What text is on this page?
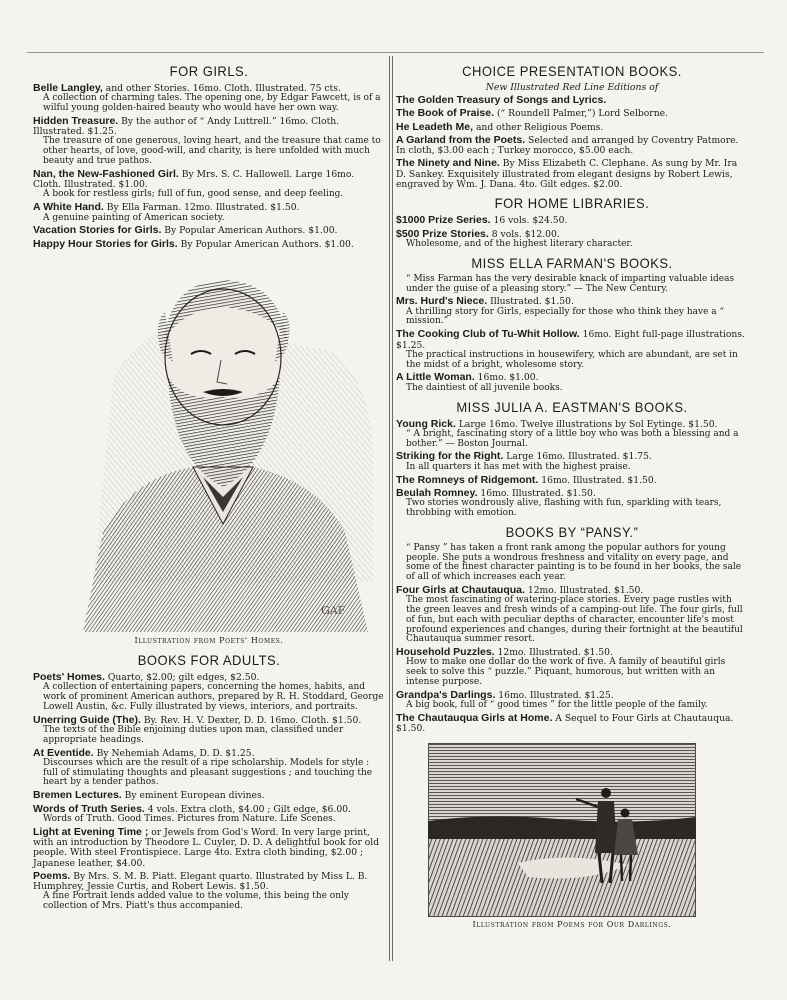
FOR GIRLS.
Belle Langley, and other Stories. 16mo. Cloth. Illustrated. 75 cts.
A collection of charming tales. The opening one, by Edgar Fawcett, is of a wilful young golden-haired beauty who would have her own way.
Hidden Treasure. By the author of “ Andy Luttrell.” 16mo. Cloth. Illustrated. $1.25.
The treasure of one generous, loving heart, and the treasure that came to other hearts, of love, good-will, and charity, is here unfolded with much beauty and true pathos.
Nan, the New-Fashioned Girl. By Mrs. S. C. Hallowell. Large 16mo. Cloth. Illustrated. $1.00.
A book for restless girls; full of fun, good sense, and deep feeling.
A White Hand. By Ella Farman. 12mo. Illustrated. $1.50.
A genuine painting of American society.
Vacation Stories for Girls. By Popular American Authors. $1.00.
Happy Hour Stories for Girls. By Popular American Authors. $1.00.
GAF
Illustration from Poets' Homes.
BOOKS FOR ADULTS.
Poets' Homes. Quarto, $2.00; gilt edges, $2.50.
A collection of entertaining papers, concerning the homes, habits, and work of prominent American authors, prepared by R. H. Stoddard, George Lowell Austin, &c. Fully illustrated by views, interiors, and portraits.
Unerring Guide (The). By. Rev. H. V. Dexter, D. D. 16mo. Cloth. $1.50.
The texts of the Bible enjoining duties upon man, classified under appropriate headings.
At Eventide. By Nehemiah Adams, D. D. $1.25.
Discourses which are the result of a ripe scholarship. Models for style : full of stimulating thoughts and pleasant suggestions ; and touching the heart by a tender pathos.
Bremen Lectures. By eminent European divines.
Words of Truth Series. 4 vols. Extra cloth, $4.00 ; Gilt edge, $6.00.
Words of Truth. Good Times. Pictures from Nature. Life Scenes.
Light at Evening Time ; or Jewels from God's Word. In very large print, with an introduction by Theodore L. Cuyler, D. D. A delightful book for old people. With steel Frontispiece. Large 4to. Extra cloth binding, $2.00 ; Japanese leather, $4.00.
Poems. By Mrs. S. M. B. Piatt. Elegant quarto. Illustrated by Miss L. B. Humphrey, Jessie Curtis, and Robert Lewis. $1.50.
A fine Portrait lends added value to the volume, this being the only collection of Mrs. Piatt's thus accompanied.
CHOICE PRESENTATION BOOKS.
New Illustrated Red Line Editions of
The Golden Treasury of Songs and Lyrics.
The Book of Praise. (“ Roundell Palmer,”) Lord Selborne.
He Leadeth Me, and other Religious Poems.
A Garland from the Poets. Selected and arranged by Coventry Patmore. In cloth, $3.00 each ; Turkey morocco, $5.00 each.
The Ninety and Nine. By Miss Elizabeth C. Clephane. As sung by Mr. Ira D. Sankey. Exquisitely illustrated from elegant designs by Robert Lewis, engraved by Wm. J. Dana. 4to. Gilt edges. $2.00.
FOR HOME LIBRARIES.
$1000 Prize Series. 16 vols. $24.50.
$500 Prize Stories. 8 vols. $12.00.
Wholesome, and of the highest literary character.
MISS ELLA FARMAN'S BOOKS.
“ Miss Farman has the very desirable knack of imparting valuable ideas under the guise of a pleasing story.” — The New Century.
Mrs. Hurd's Niece. Illustrated. $1.50.
A thrilling story for Girls, especially for those who think they have a “ mission.”
The Cooking Club of Tu-Whit Hollow. 16mo. Eight full-page illustrations. $1.25.
The practical instructions in housewifery, which are abundant, are set in the midst of a bright, wholesome story.
A Little Woman. 16mo. $1.00.
The daintiest of all juvenile books.
MISS JULIA A. EASTMAN'S BOOKS.
Young Rick. Large 16mo. Twelve illustrations by Sol Eytinge. $1.50.
“ A bright, fascinating story of a little boy who was both a blessing and a bother.” — Boston Journal.
Striking for the Right. Large 16mo. Illustrated. $1.75.
In all quarters it has met with the highest praise.
The Romneys of Ridgemont. 16mo. Illustrated. $1.50.
Beulah Romney. 16mo. Illustrated. $1.50.
Two stories wondrously alive, flashing with fun, sparkling with tears, throbbing with emotion.
BOOKS BY “PANSY.”
“ Pansy ” has taken a front rank among the popular authors for young people. She puts a wondrous freshness and vitality on every page, and some of the finest character painting is to be found in her books, the sale of all of which increases each year.
Four Girls at Chautauqua. 12mo. Illustrated. $1.50.
The most fascinating of watering-place stories. Every page rustles with the green leaves and fresh winds of a camping-out life. The four girls, full of fun, but each with peculiar depths of character, encounter life's most profound experiences and changes, during their fortnight at the beautiful Chautauqua summer resort.
Household Puzzles. 12mo. Illustrated. $1.50.
How to make one dollar do the work of five. A family of beautiful girls seek to solve this “ puzzle.” Piquant, humorous, but written with an intense purpose.
Grandpa's Darlings. 16mo. Illustrated. $1.25.
A big book, full of “ good times ” for the little people of the family.
The Chautauqua Girls at Home. A Sequel to Four Girls at Chautauqua. $1.50.
Illustration from Poems for Our Darlings.
